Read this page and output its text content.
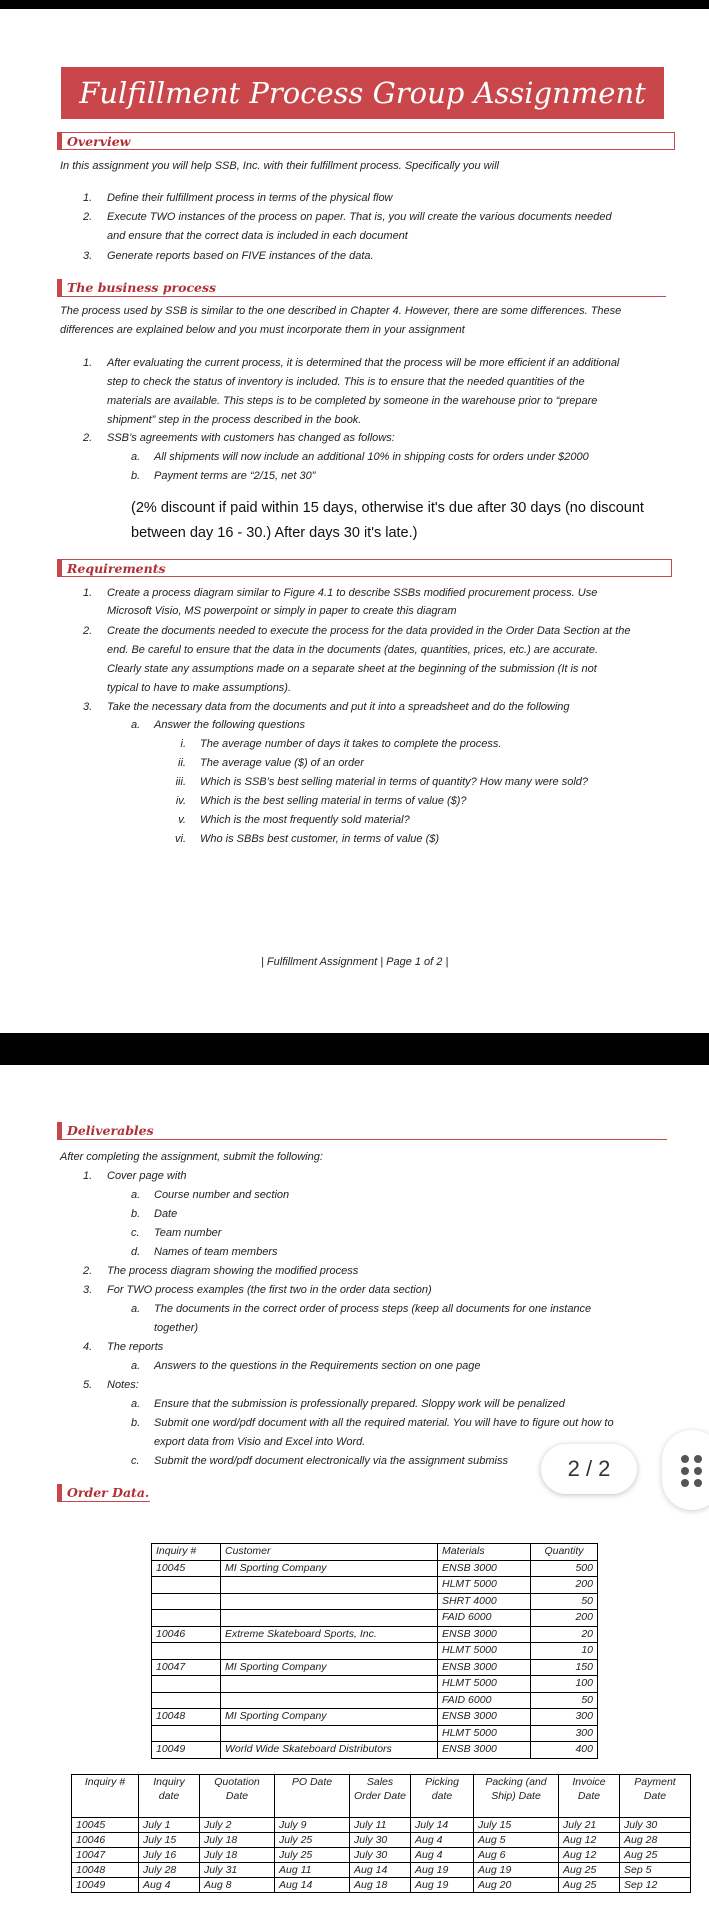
Fulfillment Process Group Assignment
Overview
In this assignment you will help SSB, Inc. with their fulfillment process. Specifically you will
1. Define their fulfillment process in terms of the physical flow
2. Execute TWO instances of the process on paper. That is, you will create the various documents needed
and ensure that the correct data is included in each document
3. Generate reports based on FIVE instances of the data.
The business process
The process used by SSB is similar to the one described in Chapter 4. However, there are some differences. These
differences are explained below and you must incorporate them in your assignment
1. After evaluating the current process, it is determined that the process will be more efficient if an additional
step to check the status of inventory is included. This is to ensure that the needed quantities of the
materials are available. This steps is to be completed by someone in the warehouse prior to “prepare
shipment” step in the process described in the book.
2. SSB’s agreements with customers has changed as follows:
a. All shipments will now include an additional 10% in shipping costs for orders under $2000
b. Payment terms are “2/15, net 30”
(2% discount if paid within 15 days, otherwise it's due after 30 days (no discount
between day 16 - 30.) After days 30 it's late.)
Requirements
1. Create a process diagram similar to Figure 4.1 to describe SSBs modified procurement process. Use
Microsoft Visio, MS powerpoint or simply in paper to create this diagram
2. Create the documents needed to execute the process for the data provided in the Order Data Section at the
end. Be careful to ensure that the data in the documents (dates, quantities, prices, etc.) are accurate.
Clearly state any assumptions made on a separate sheet at the beginning of the submission (It is not
typical to have to make assumptions).
3. Take the necessary data from the documents and put it into a spreadsheet and do the following
a. Answer the following questions
i. The average number of days it takes to complete the process.
ii. The average value ($) of an order
iii. Which is SSB’s best selling material in terms of quantity? How many were sold?
iv. Which is the best selling material in terms of value ($)?
v. Which is the most frequently sold material?
vi. Who is SBBs best customer, in terms of value ($)
| Fulfillment Assignment | Page 1 of 2 |
Deliverables
After completing the assignment, submit the following:
1. Cover page with
a. Course number and section
b. Date
c. Team number
d. Names of team members
2. The process diagram showing the modified process
3. For TWO process examples (the first two in the order data section)
a. The documents in the correct order of process steps (keep all documents for one instance
together)
4. The reports
a. Answers to the questions in the Requirements section on one page
5. Notes:
a. Ensure that the submission is professionally prepared. Sloppy work will be penalized
b. Submit one word/pdf document with all the required material. You will have to figure out how to
export data from Visio and Excel into Word.
c. Submit the word/pdf document electronically via the assignment submiss	2 / 2
Order Data.
Inquiry #	Customer	Materials	Quantity
10045	MI Sporting Company	ENSB 3000	500
		HLMT 5000	200
		SHRT 4000	50
		FAID 6000	200
10046	Extreme Skateboard Sports, Inc.	ENSB 3000	20
		HLMT 5000	10
10047	MI Sporting Company	ENSB 3000	150
		HLMT 5000	100
		FAID 6000	50
10048	MI Sporting Company	ENSB 3000	300
		HLMT 5000	300
10049	World Wide Skateboard Distributors	ENSB 3000	400
Inquiry #	Inquiry date	Quotation Date	PO Date	Sales Order Date	Picking date	Packing (and Ship) Date	Invoice Date	Payment Date
10045	July 1	July 2	July 9	July 11	July 14	July 15	July 21	July 30
10046	July 15	July 18	July 25	July 30	Aug 4	Aug 5	Aug 12	Aug 28
10047	July 16	July 18	July 25	July 30	Aug 4	Aug 6	Aug 12	Aug 25
10048	July 28	July 31	Aug 11	Aug 14	Aug 19	Aug 19	Aug 25	Sep 5
10049	Aug 4	Aug 8	Aug 14	Aug 18	Aug 19	Aug 20	Aug 25	Sep 12
